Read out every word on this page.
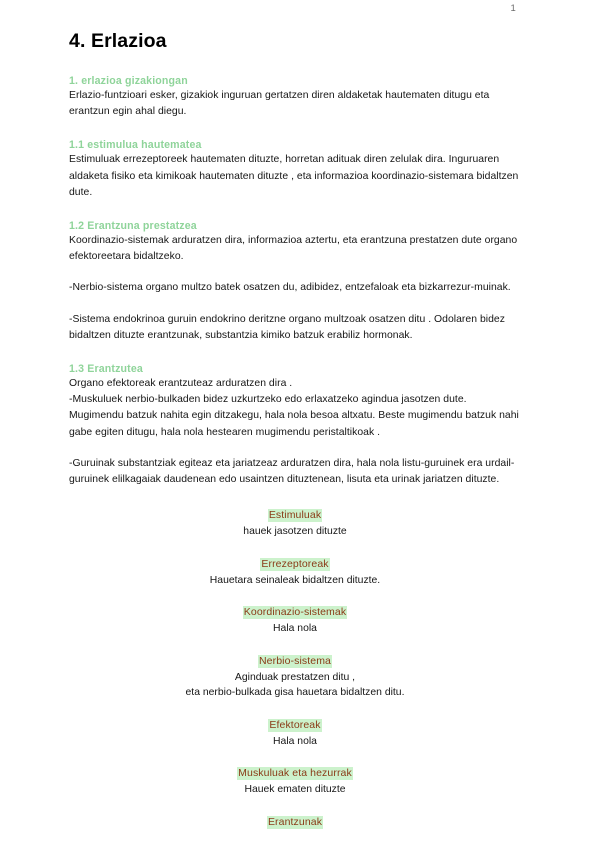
1
4. Erlazioa
1. erlazioa gizakiongan

Erlazio-funtzioari esker, gizakiok inguruan gertatzen diren aldaketak hautematen ditugu eta erantzun egin ahal diegu.

1.1 estimulua hautematea

Estimuluak errezeptoreek hautematen dituzte, horretan adituak diren zelulak dira. Inguruaren aldaketa fisiko eta kimikoak hautematen dituzte , eta informazioa koordinazio-sistemara bidaltzen dute.

1.2 Erantzuna prestatzea

Koordinazio-sistemak arduratzen dira, informazioa aztertu, eta erantzuna prestatzen dute organo efektoreetara bidaltzeko.

-Nerbio-sistema organo multzo batek osatzen du, adibidez, entzefaloak eta bizkarrezur-muinak.

-Sistema endokrinoa guruin endokrino deritzne organo multzoak osatzen ditu . Odolaren bidez bidaltzen dituzte erantzunak, substantzia kimiko batzuk erabiliz hormonak.

1.3 Erantzutea

Organo efektoreak erantzuteaz arduratzen dira .

-Muskuluek nerbio-bulkaden bidez uzkurtzeko edo erlaxatzeko agindua jasotzen dute. Mugimendu batzuk nahita egin ditzakegu, hala nola besoa altxatu. Beste mugimendu batzuk nahi gabe egiten ditugu, hala nola hestearen mugimendu peristaltikoak .

-Guruinak substantziak egiteaz eta jariatzeaz arduratzen dira, hala nola listu-guruinek era urdail- guruinek elilkagaiak daudenean edo usaintzen dituztenean, lisuta eta urinak jariatzen dituzte.

Estimuluak
hauek jasotzen dituzte
Errezeptoreak
Hauetara seinaleak bidaltzen dituzte.
Koordinazio-sistemak
Hala nola
Nerbio-sistema
Aginduak prestatzen ditu ,
eta nerbio-bulkada gisa hauetara bidaltzen ditu.
Efektoreak
Hala nola
Muskuluak eta hezurrak
Hauek ematen dituzte
Erantzunak
